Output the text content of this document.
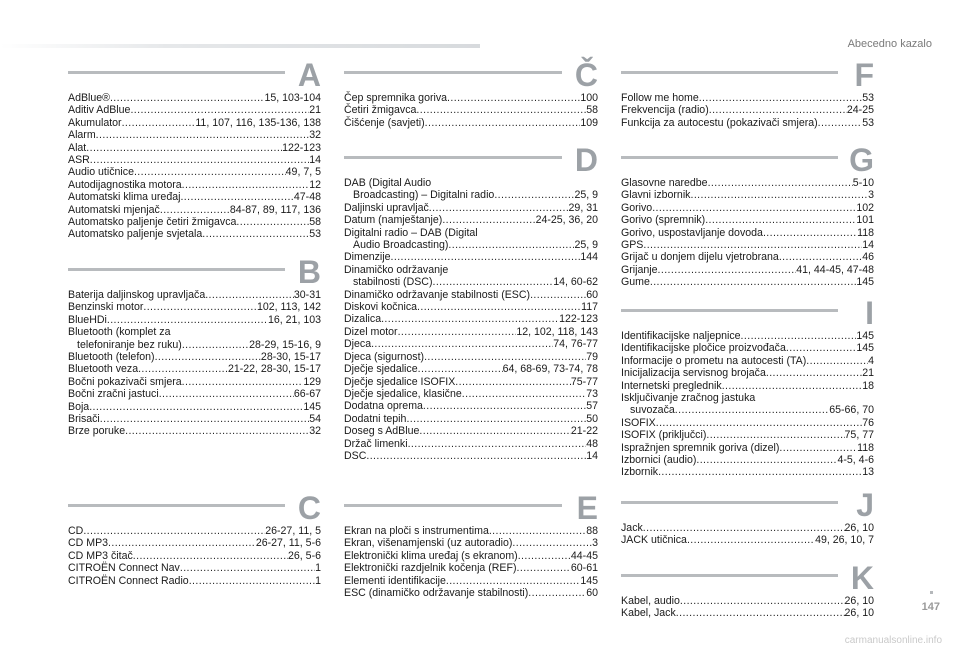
Abecedno kazalo
A
AdBlue® .....	15, 103-104
Aditiv AdBlue .....	21
Akumulator .....	11, 107, 116, 135-136, 138
Alarm .....	32
Alat .....	122-123
ASR .....	14
Audio utičnice .....	49, 7, 5
Autodijagnostika motora .....	12
Automatski klima uređaj .....	47-48
Automatski mjenjač .....	84-87, 89, 117, 136
Automatsko paljenje četiri žmigavca .....	58
Automatsko paljenje svjetala .....	53
B
Baterija daljinskog upravljača .....	30-31
Benzinski motor .....	102, 113, 142
BlueHDi .....	16, 21, 103
Bluetooth (komplet za
telefoniranje bez ruku) .....	28-29, 15-16, 9
Bluetooth (telefon) .....	28-30, 15-17
Bluetooth veza .....	21-22, 28-30, 15-17
Bočni pokazivači smjera .....	129
Bočni zračni jastuci .....	66-67
Boja .....	145
Brisači .....	54
Brze poruke .....	32
C
CD .....	26-27, 11, 5
CD MP3 .....	26-27, 11, 5-6
CD MP3 čitač .....	26, 5-6
CITROËN Connect Nav .....	1
CITROËN Connect Radio .....	1
Č
Čep spremnika goriva .....	100
Četiri žmigavca .....	58
Čišćenje (savjeti) .....	109
D
DAB (Digital Audio
Broadcasting) – Digitalni radio .....	25, 9
Daljinski upravljač .....	29, 31
Datum (namještanje) .....	24-25, 36, 20
Digitalni radio – DAB (Digital
Audio Broadcasting) .....	25, 9
Dimenzije .....	144
Dinamičko održavanje
stabilnosti (DSC) .....	14, 60-62
Dinamičko održavanje stabilnosti (ESC) .....	60
Diskovi kočnica .....	117
Dizalica .....	122-123
Dizel motor .....	12, 102, 118, 143
Djeca .....	74, 76-77
Djeca (sigurnost) .....	79
Dječje sjedalice .....	64, 68-69, 73-74, 78
Dječje sjedalice ISOFIX .....	75-77
Dječje sjedalice, klasične .....	73
Dodatna oprema .....	57
Dodatni tepih .....	50
Doseg s AdBlue .....	21-22
Držač limenki .....	48
DSC .....	14
E
Ekran na ploči s instrumentima .....	88
Ekran, višenamjenski (uz autoradio) .....	3
Elektronički klima uređaj (s ekranom) .....	44-45
Elektronički razdjelnik kočenja (REF) .....	60-61
Elementi identifikacije .....	145
ESC (dinamičko održavanje stabilnosti) .....	60
F
Follow me home .....	53
Frekvencija (radio) .....	24-25
Funkcija za autocestu (pokazivači smjera) .....	53
G
Glasovne naredbe .....	5-10
Glavni izbornik .....	3
Gorivo .....	102
Gorivo (spremnik) .....	101
Gorivo, uspostavljanje dovoda .....	118
GPS .....	14
Grijač u donjem dijelu vjetrobrana .....	46
Grijanje .....	41, 44-45, 47-48
Gume .....	145
I
Identifikacijske naljepnice .....	145
Identifikacijske pločice proizvođača .....	145
Informacije o prometu na autocesti (TA) .....	4
Inicijalizacija servisnog brojača .....	21
Internetski preglednik .....	18
Isključivanje zračnog jastuka
suvozača .....	65-66, 70
ISOFIX .....	76
ISOFIX (priključci) .....	75, 77
Ispražnjen spremnik goriva (dizel) .....	118
Izbornici (audio) .....	4-5, 4-6
Izbornik .....	13
J
Jack .....	26, 10
JACK utičnica .....	49, 26, 10, 7
K
Kabel, audio .....	26, 10
Kabel, Jack .....	26, 10
147
carmanualsonline.info
